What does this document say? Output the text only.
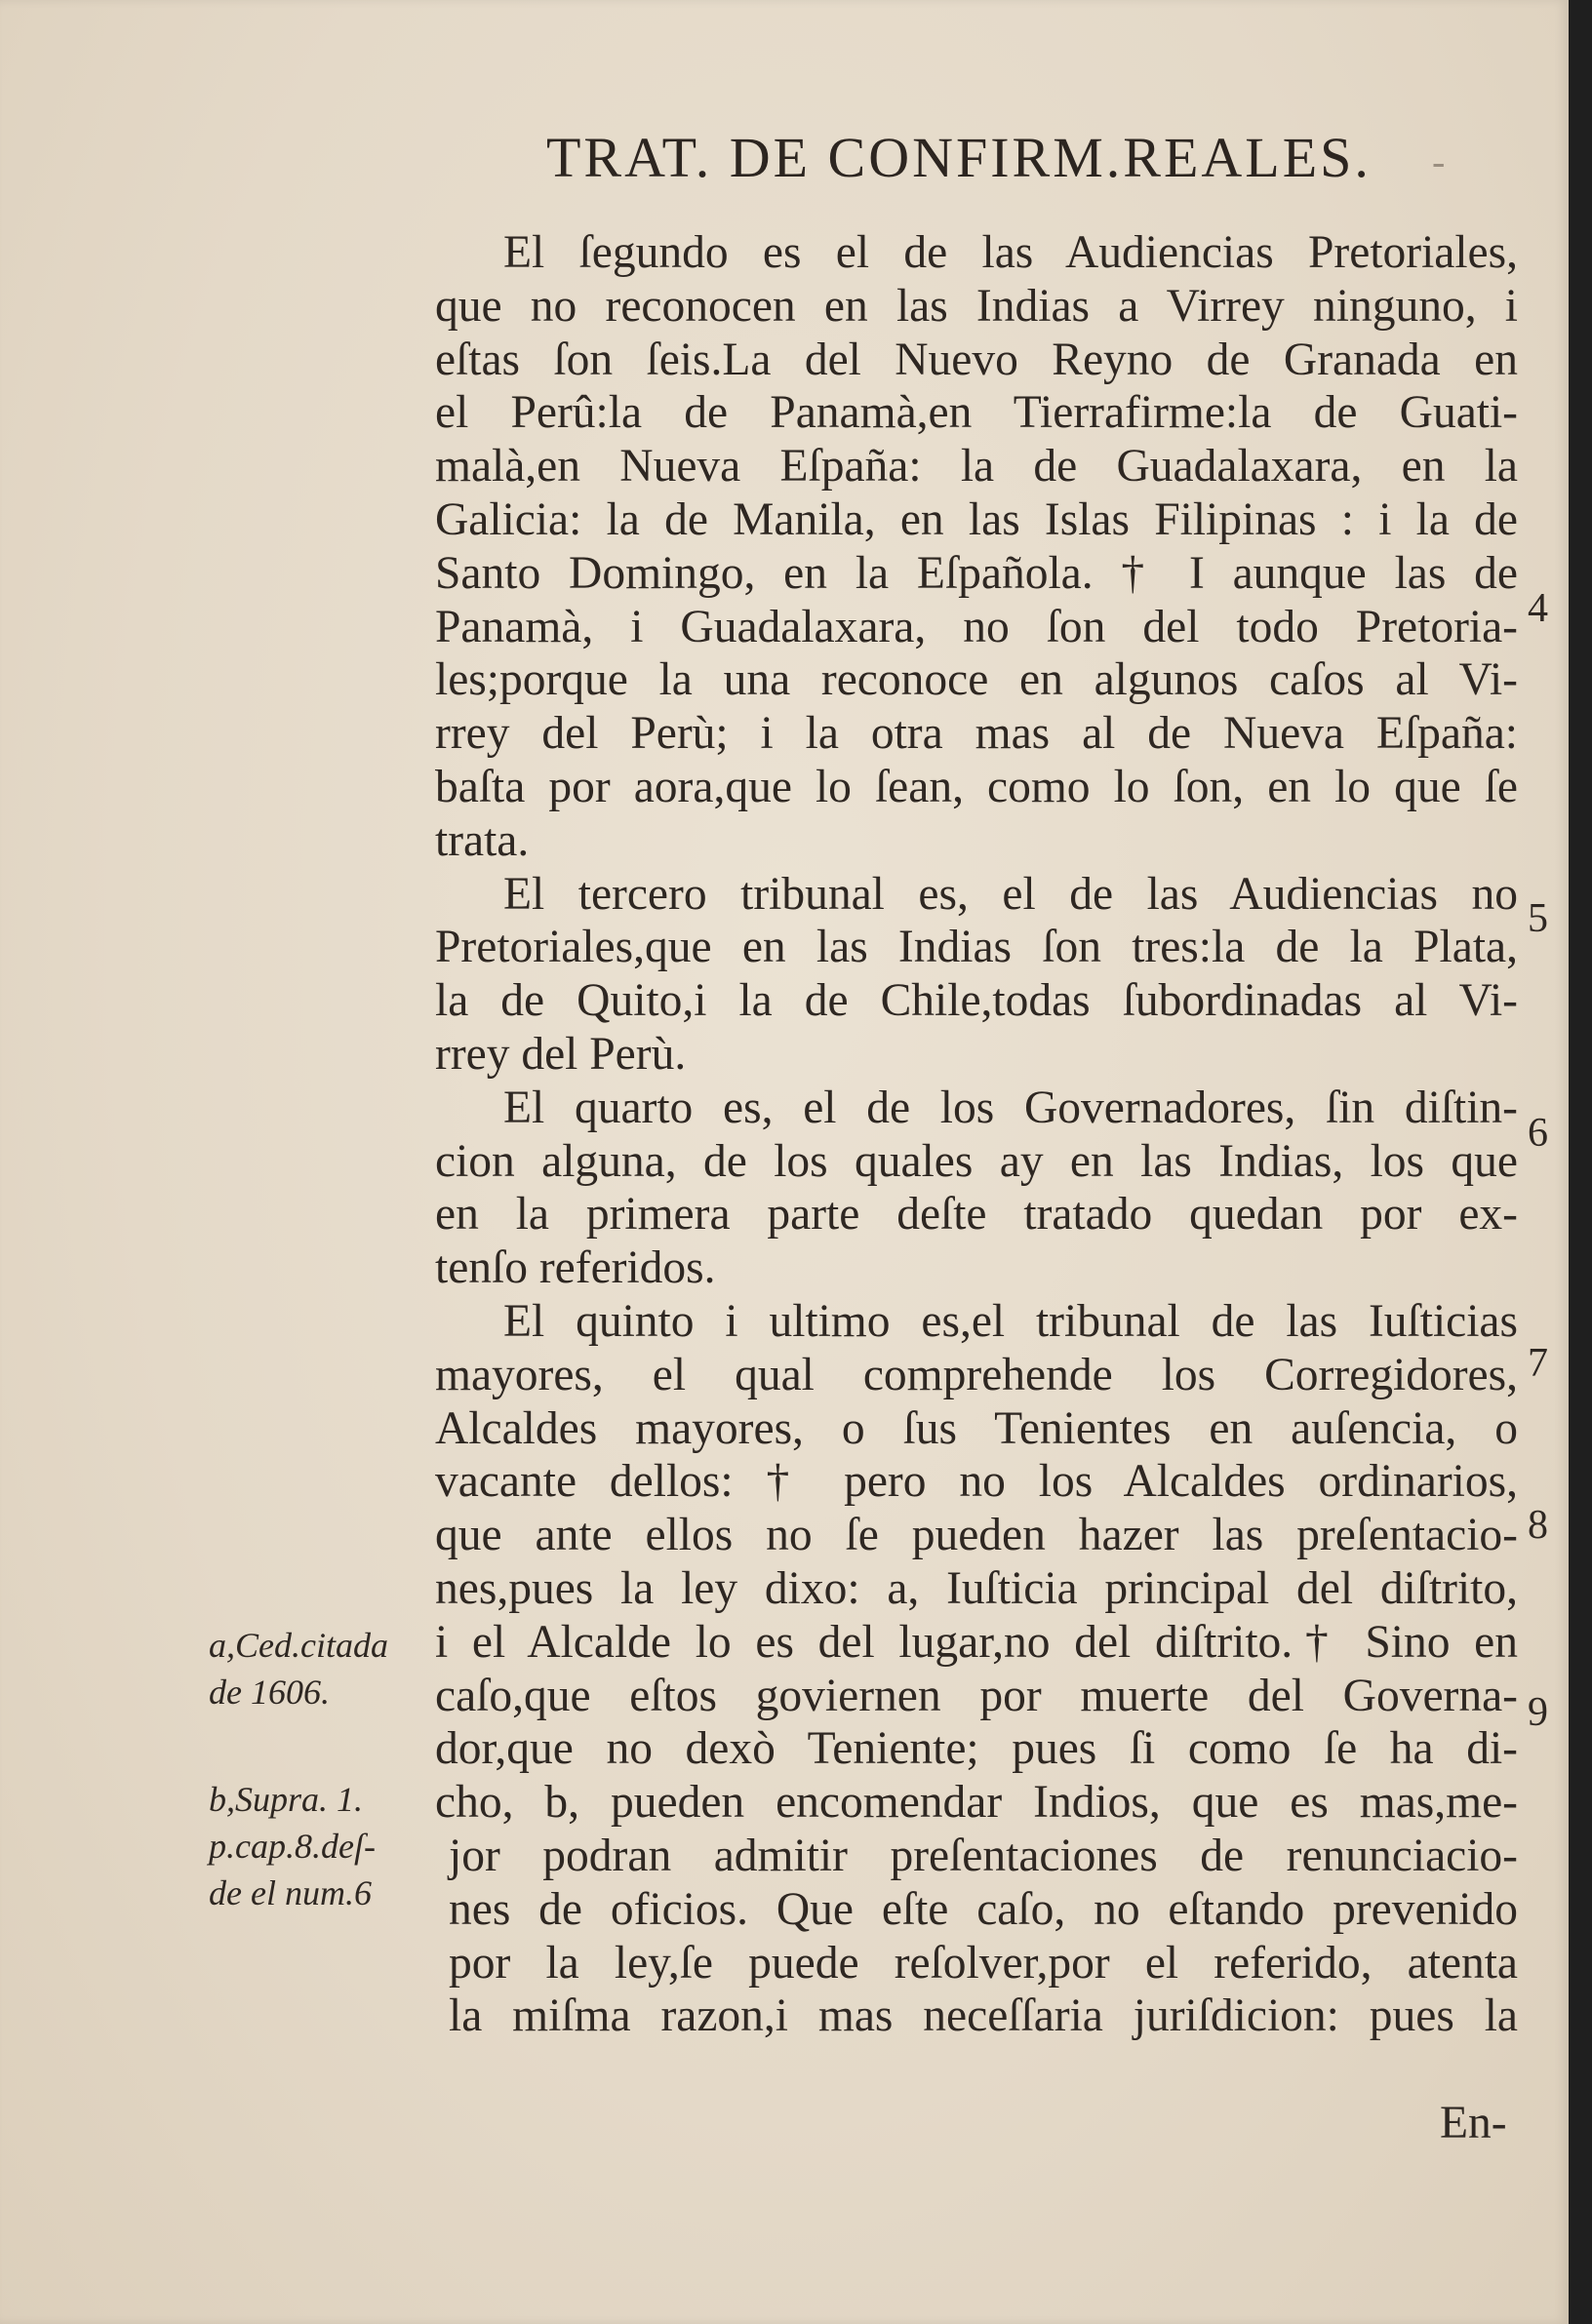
TRAT. DE CONFIRM.REALES.	-
El ſegundo es el de las Audiencias Pretoriales,
que no reconocen en las Indias a Virrey ninguno, i
eſtas ſon ſeis.La del Nuevo Reyno de Granada en
el Perû:la de Panamà,en Tierrafirme:la de Guati-
malà,en Nueva Eſpaña: la de Guadalaxara, en la
Galicia: la de Manila, en las Islas Filipinas : i la de
Santo Domingo, en la Eſpañola. † I aunque las de
Panamà, i Guadalaxara, no ſon del todo Pretoria-
les;porque la una reconoce en algunos caſos al Vi-
rrey del Perù; i la otra mas al de Nueva Eſpaña:
baſta por aora,que lo ſean, como lo ſon, en lo que ſe
trata.
El tercero tribunal es, el de las Audiencias no
Pretoriales,que en las Indias ſon tres:la de la Plata,
la de Quito,i la de Chile,todas ſubordinadas al Vi-
rrey del Perù.
El quarto es, el de los Governadores, ſin diſtin-
cion alguna, de los quales ay en las Indias, los que
en la primera parte deſte tratado quedan por ex-
tenſo referidos.
El quinto i ultimo es,el tribunal de las Iuſticias
mayores, el qual comprehende los Corregidores,
Alcaldes mayores, o ſus Tenientes en auſencia, o
vacante dellos: † pero no los Alcaldes ordinarios,
que ante ellos no ſe pueden hazer las preſentacio-
nes,pues la ley dixo: a, Iuſticia principal del diſtrito,
i el Alcalde lo es del lugar,no del diſtrito.† Sino en
caſo,que eſtos goviernen por muerte del Governa-
dor,que no dexò Teniente; pues ſi como ſe ha di-
cho, b, pueden encomendar Indios, que es mas,me-
jor podran admitir preſentaciones de renunciacio-
nes de oficios. Que eſte caſo, no eſtando prevenido
por la ley,ſe puede reſolver,por el referido, atenta
la miſma razon,i mas neceſſaria juriſdicion: pues la
En-
4
5
6
7
8
9
a,Ced.citada
de 1606.
b,Supra. 1.
p.cap.8.deſ-
de el num.6
